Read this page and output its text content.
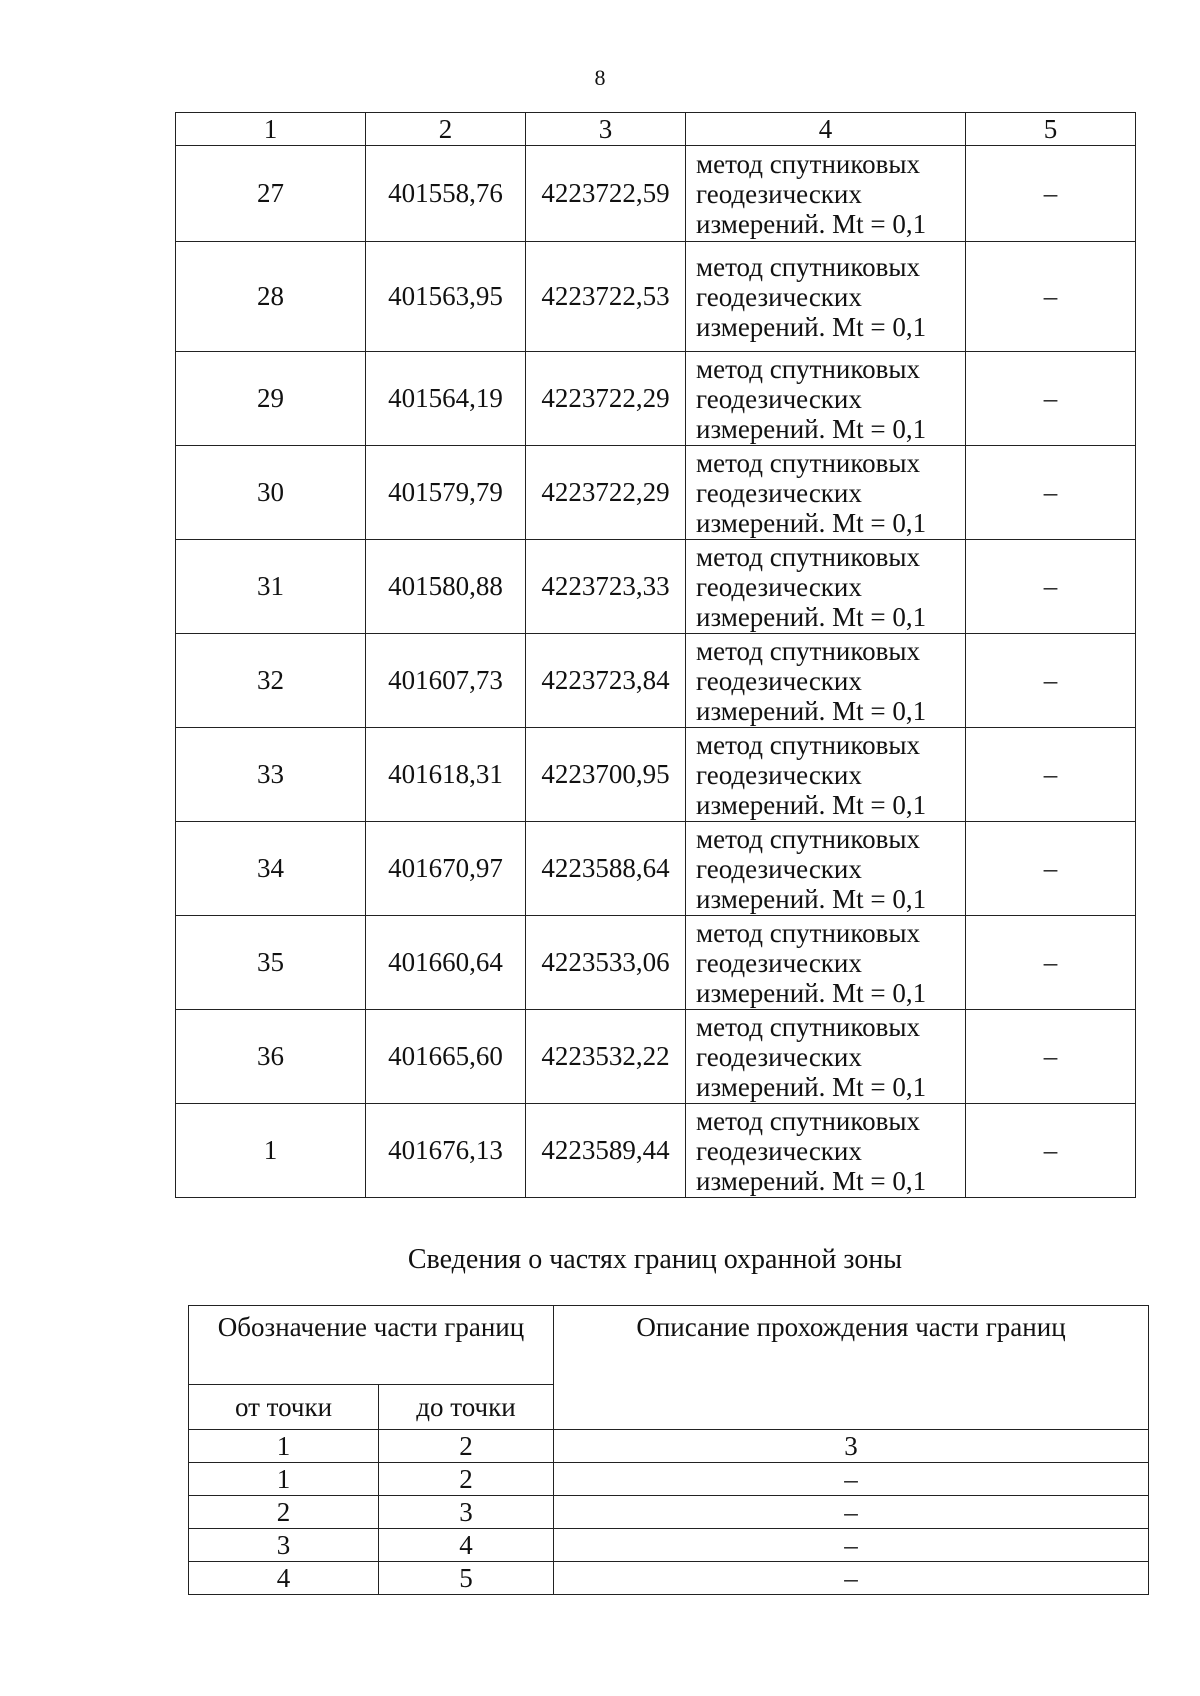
8
1	2	3	4	5
27	401558,76	4223722,59	метод спутниковых
геодезических
измерений. Mt = 0,1	–
28	401563,95	4223722,53	метод спутниковых
геодезических
измерений. Mt = 0,1	–
29	401564,19	4223722,29	метод спутниковых
геодезических
измерений. Mt = 0,1	–
30	401579,79	4223722,29	метод спутниковых
геодезических
измерений. Mt = 0,1	–
31	401580,88	4223723,33	метод спутниковых
геодезических
измерений. Mt = 0,1	–
32	401607,73	4223723,84	метод спутниковых
геодезических
измерений. Mt = 0,1	–
33	401618,31	4223700,95	метод спутниковых
геодезических
измерений. Mt = 0,1	–
34	401670,97	4223588,64	метод спутниковых
геодезических
измерений. Mt = 0,1	–
35	401660,64	4223533,06	метод спутниковых
геодезических
измерений. Mt = 0,1	–
36	401665,60	4223532,22	метод спутниковых
геодезических
измерений. Mt = 0,1	–
1	401676,13	4223589,44	метод спутниковых
геодезических
измерений. Mt = 0,1	–
Сведения о частях границ охранной зоны
Обозначение части границ		Описание прохождения части границ
от точки	до точки	
1	2	3
1	2	–
2	3	–
3	4	–
4	5	–
